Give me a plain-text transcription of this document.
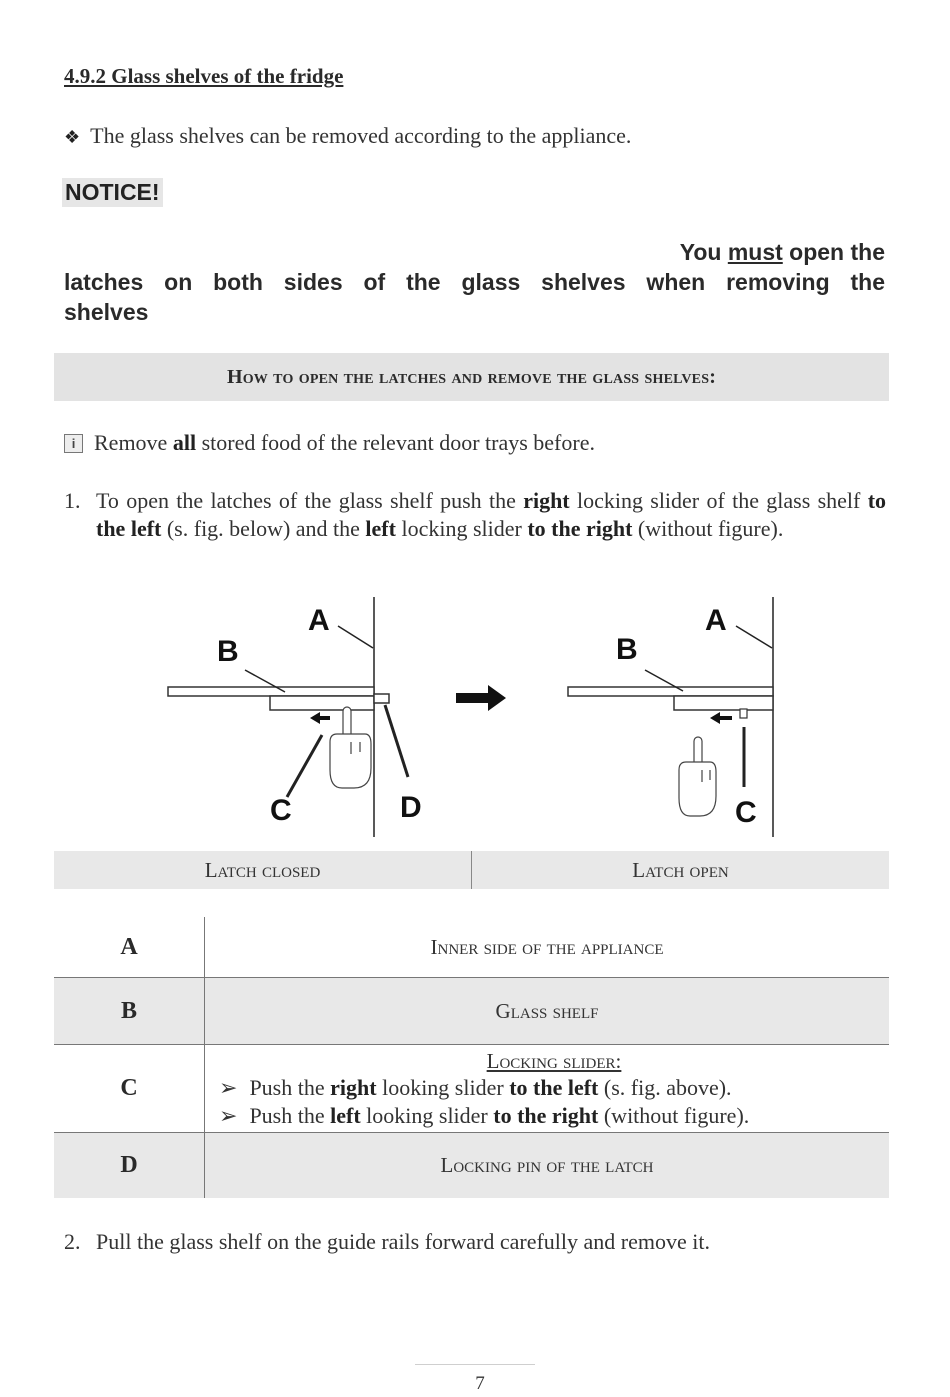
4.9.2 Glass shelves of the fridge
❖ The glass shelves can be removed according to the appliance.
NOTICE!
You must open the
latches on both sides of the glass shelves when removing the
shelves
How to open the latches and remove the glass shelves:
i Remove all stored food of the relevant door trays before.
1. To open the latches of the glass shelf push the right locking slider of the glass shelf to the left (s. fig. below) and the left locking slider to the right (without figure).
A
B
C	D
A
B
C
Latch closed	Latch open
A	Inner side of the appliance
B	Glass shelf
C	Locking slider:
➢ Push the right looking slider to the left (s. fig. above).
➢ Push the left looking slider to the right (without figure).

D	Locking pin of the latch
2. Pull the glass shelf on the guide rails forward carefully and remove it.
7
